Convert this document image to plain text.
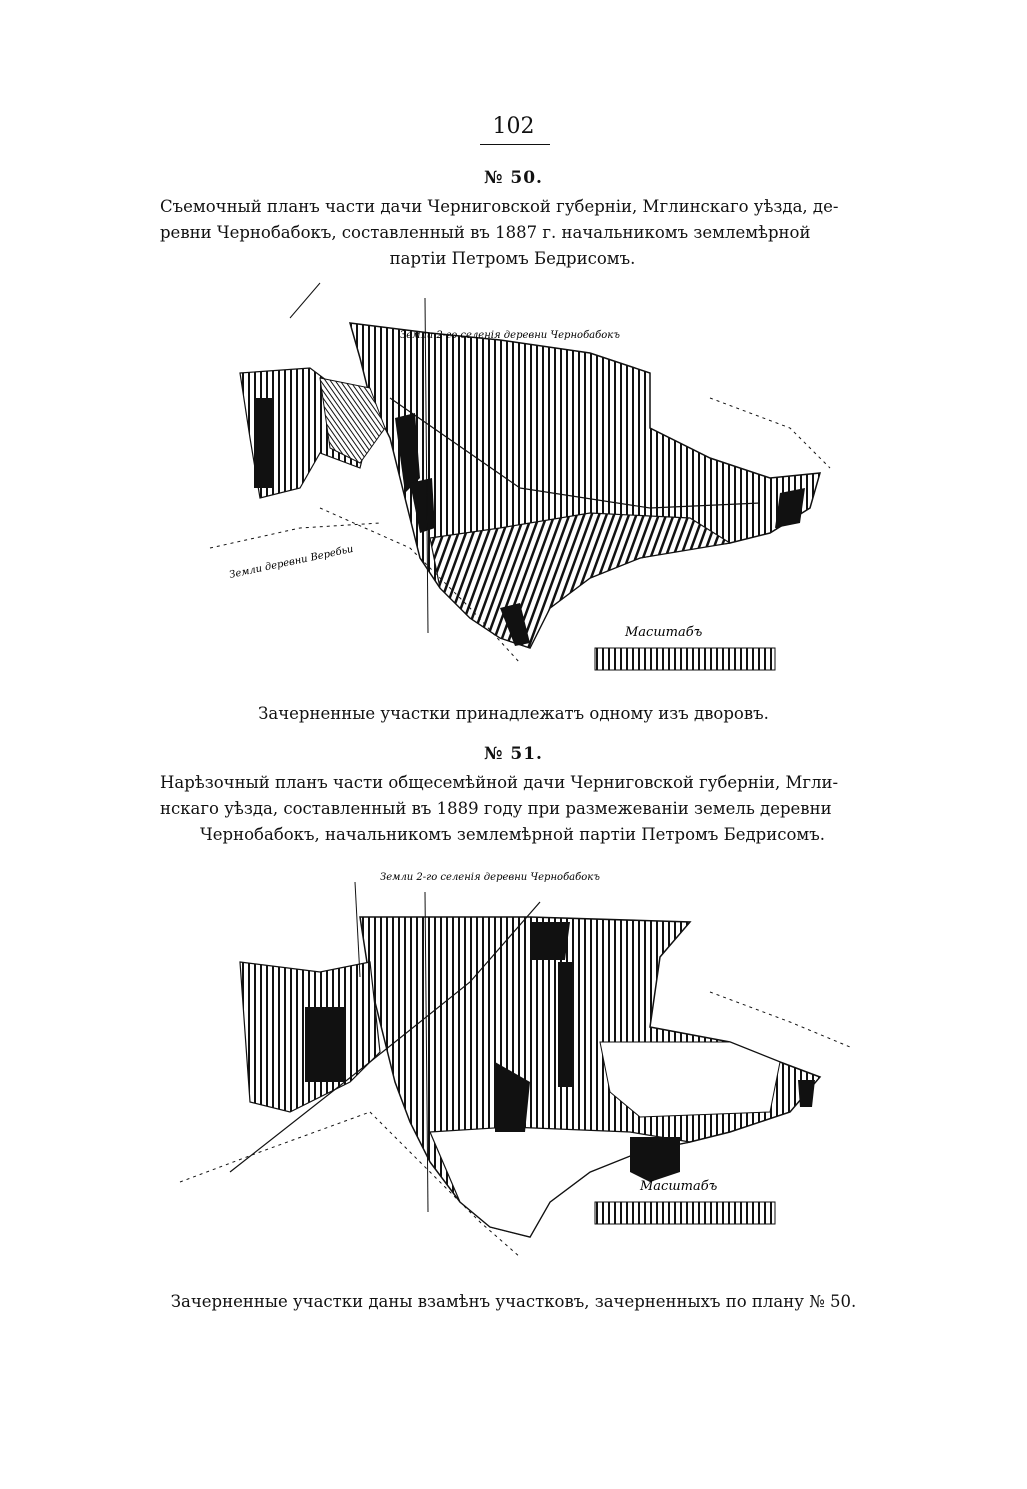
102
№ 50.
Съемочный планъ части дачи Черниговской губерніи, Мглинскаго уѣзда, де-
ревни Чернобабокъ, составленный въ 1887 г. начальникомъ землемѣрной
партіи Петромъ Бедрисомъ.
Масштабъ
Земли 2-го селенія деревни Чернобабокъ
Земли деревни Веребьи
Зачерненные участки принадлежатъ одному изъ дворовъ.
№ 51.
Нарѣзочный планъ части общесемѣйной дачи Черниговской губерніи, Мгли-
нскаго уѣзда, составленный въ 1889 году при размежеваніи земель деревни
Чернобабокъ, начальникомъ землемѣрной партіи Петромъ Бедрисомъ.
Масштабъ
Земли 2-го селенія деревни Чернобабокъ
Зачерненные участки даны взамѣнъ участковъ, зачерненныхъ по плану № 50.
